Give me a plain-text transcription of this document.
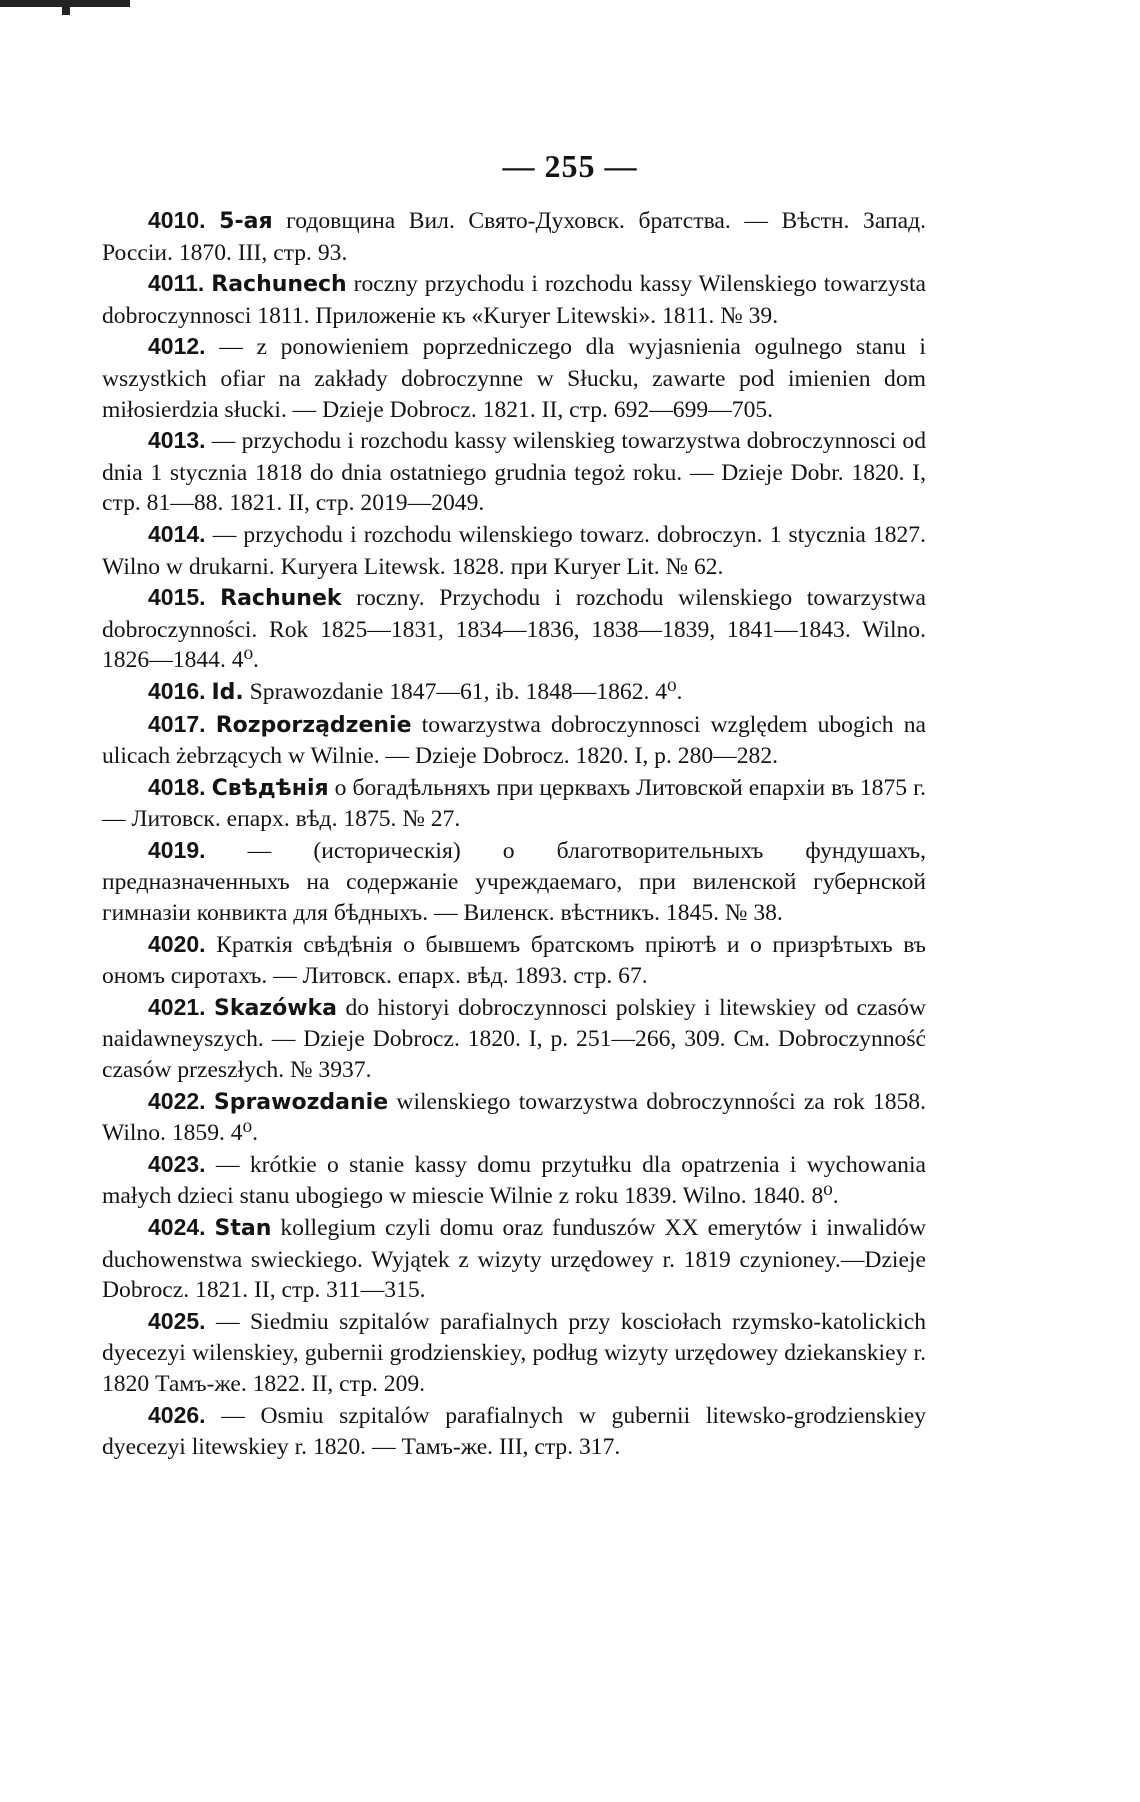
— 255 —

4010. 5-ая годовщина Вил. Свято-Духовск. братства. — Вѣстн. Запад. Россіи. 1870. III, стр. 93.

4011. Rachuneсh roczny przychodu i rozchodu kassy Wilenskiego towarzysta dobroczynnosci 1811. Приложеніе къ «Kuryer Litewski». 1811. № 39.

4012. — z ponowieniem poprzedniczego dla wyjasnienia ogulnego stanu i wszystkich ofiar na zakłady dobroczynne w Słucku, zawarte pod imienien dom miłosierdzia słucki. — Dzieje Dobrocz. 1821. II, стр. 692—699—705.

4013. — przychodu i rozchodu kassy wilenskieg towarzystwa dobroczynnosci od dnia 1 stycznia 1818 do dnia ostatniego grudnia tegoż roku. — Dzieje Dobr. 1820. I, стр. 81—88. 1821. II, стр. 2019—2049.

4014. — przychodu i rozchodu wilenskiego towarz. dobroczyn. 1 stycznia 1827. Wilno w drukarni. Kuryera Litewsk. 1828. при Kuryer Lit. № 62.

4015. Rachunek roczny. Przychodu i rozchodu wilenskiego towarzystwa dobroczynności. Rok 1825—1831, 1834—1836, 1838—1839, 1841—1843. Wilno. 1826—1844. 4⁰.

4016. Id. Sprawozdanie 1847—61, ib. 1848—1862. 4⁰.

4017. Rozporządzenie towarzystwa dobroczynnosci względem ubogich na ulicach żebrzących w Wilnie. — Dzieje Dobrocz. 1820. I, p. 280—282.

4018. Свѣдѣнія о богадѣльняхъ при церквахъ Литовской епархіи въ 1875 г. — Литовск. епарх. вѣд. 1875. № 27.

4019. — (историческія) о благотворительныхъ фундушахъ, предназначенныхъ на содержаніе учреждаемаго, при виленской губернской гимназіи конвикта для бѣдныхъ. — Виленск. вѣстникъ. 1845. № 38.

4020. Краткія свѣдѣнія о бывшемъ братскомъ пріютѣ и о призрѣтыхъ въ ономъ сиротахъ. — Литовск. епарх. вѣд. 1893. стр. 67.

4021. Skazówka do historyi dobroczynnosci polskiey i litewskiey od czasów naidawneyszych. — Dzieje Dobrocz. 1820. I, p. 251—266, 309. См. Dobroczynność czasów przeszłych. № 3937.

4022. Sprawozdanie wilenskiego towarzystwa dobroczynności za rok 1858. Wilno. 1859. 4⁰.

4023. — krótkie o stanie kassy domu przytułku dla opatrzenia i wychowania małych dzieci stanu ubogiego w miescie Wilnie z roku 1839. Wilno. 1840. 8⁰.

4024. Stan kollegium czyli domu oraz funduszów XX emerytów i inwalidów duchowenstwa swieckiego. Wyjątek z wizyty urzędowey r. 1819 czynioney.—Dzieje Dobrocz. 1821. II, стр. 311—315.

4025. — Siedmiu szpitalów parafialnych przy kosciołach rzymsko-katolickich dyecezyi wilenskiey, gubernii grodzienskiey, podług wizyty urzędowey dziekanskiey r. 1820 Тамъ-же. 1822. II, стр. 209.

4026. — Osmiu szpitalów parafialnych w gubernii litewsko-grodzienskiey dyecezyi litewskiey r. 1820. — Тамъ-же. III, стр. 317.
